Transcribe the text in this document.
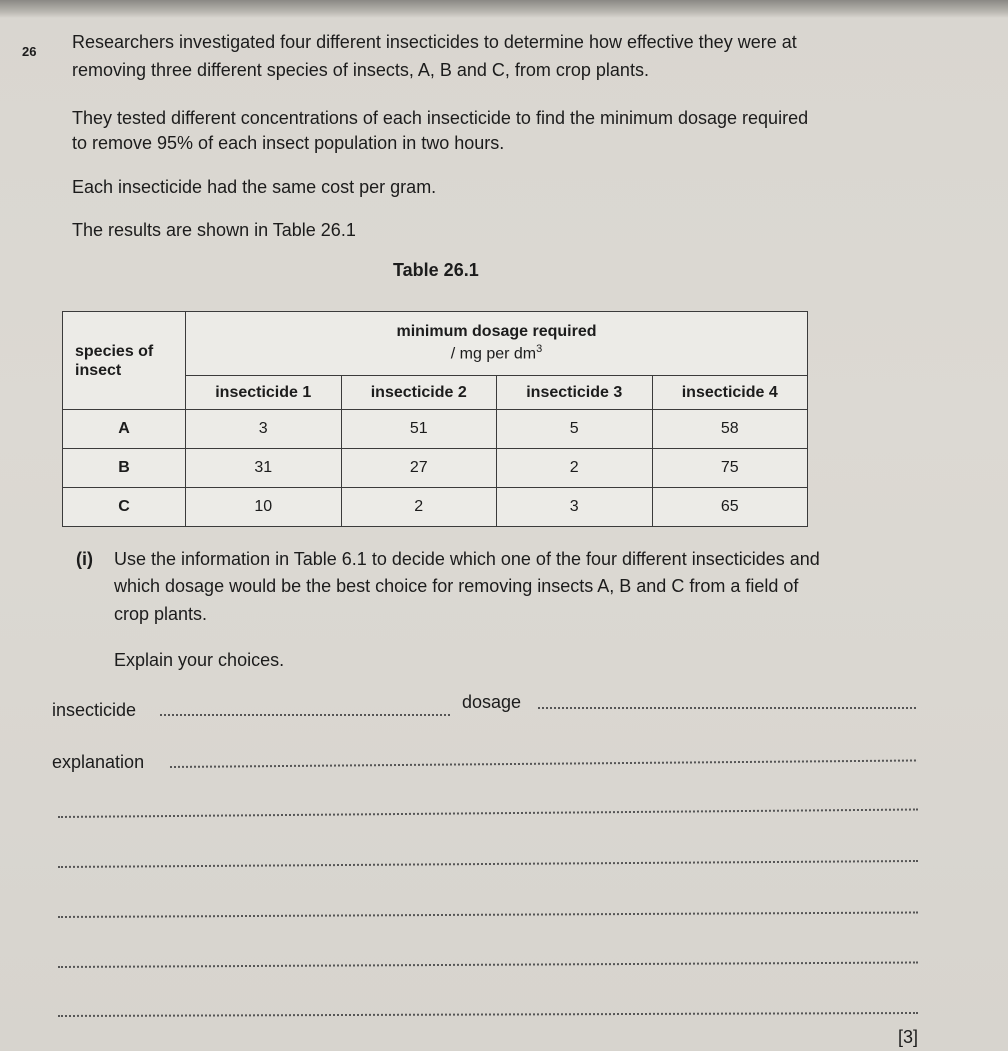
26 Researchers investigated four different insecticides to determine how effective they were at
removing three different species of insects, A, B and C, from crop plants.
They tested different concentrations of each insecticide to find the minimum dosage required
to remove 95% of each insect population in two hours.
Each insecticide had the same cost per gram.
The results are shown in Table 26.1
Table 26.1
species of insect	minimum dosage required
/ mg per $dm^3$

	insecticide 1	insecticide 2	insecticide 3	insecticide 4
A	3	51	5	58
B	31	27	2	75
C	10	2	3	65
(i) Use the information in Table 6.1 to decide which one of the four different insecticides and
which dosage would be the best choice for removing insects A, B and C from a field of
crop plants.
Explain your choices.
insecticide	dosage
explanation
[3]
